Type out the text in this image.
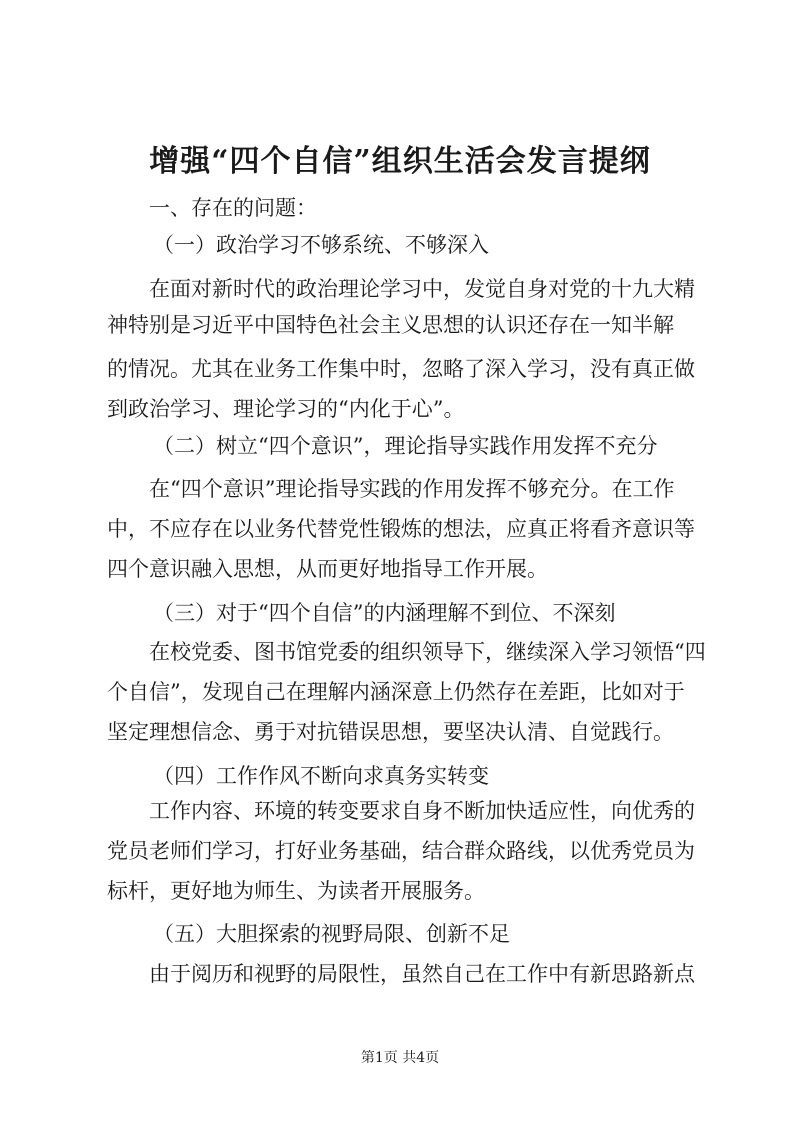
增强“四个自信”组织生活会发言提纲
一、存在的问题：
（一）政治学习不够系统、不够深入
在面对新时代的政治理论学习中，发觉自身对党的十九大精
神特别是习近平中国特色社会主义思想的认识还存在一知半解
的情况。尤其在业务工作集中时，忽略了深入学习，没有真正做
到政治学习、理论学习的“内化于心”。
（二）树立“四个意识”，理论指导实践作用发挥不充分
在“四个意识”理论指导实践的作用发挥不够充分。在工作
中，不应存在以业务代替党性锻炼的想法，应真正将看齐意识等
四个意识融入思想，从而更好地指导工作开展。
（三）对于“四个自信”的内涵理解不到位、不深刻
在校党委、图书馆党委的组织领导下，继续深入学习领悟“四
个自信”，发现自己在理解内涵深意上仍然存在差距，比如对于
坚定理想信念、勇于对抗错误思想，要坚决认清、自觉践行。
（四）工作作风不断向求真务实转变
工作内容、环境的转变要求自身不断加快适应性，向优秀的
党员老师们学习，打好业务基础，结合群众路线，以优秀党员为
标杆，更好地为师生、为读者开展服务。
（五）大胆探索的视野局限、创新不足
由于阅历和视野的局限性，虽然自己在工作中有新思路新点
第1页 共4页
